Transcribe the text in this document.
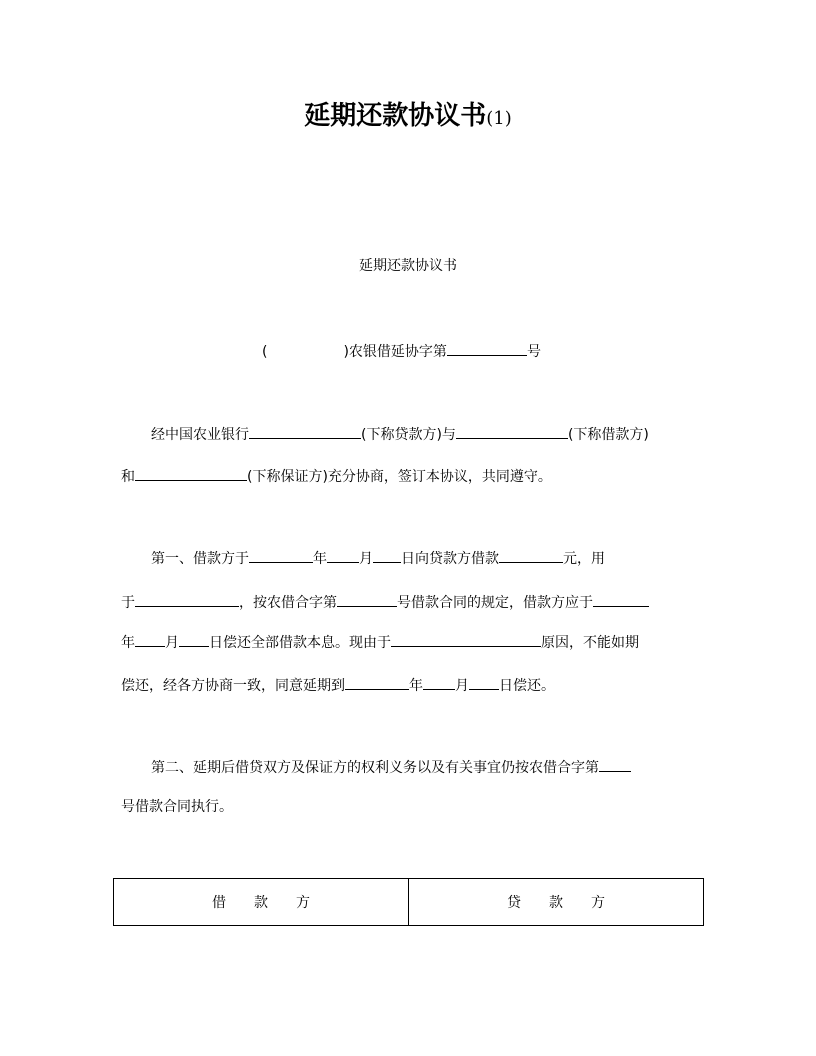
延期还款协议书(1)
延期还款协议书
(	)农银借延协字第	号
经中国农业银行	(下称贷款方)与	(下称借款方)
和	(下称保证方)充分协商，签订本协议，共同遵守。
第一、借款方于	年 月 日向贷款方借款	元，用
于	，按农借合字第	号借款合同的规定，借款方应于
年 月 日偿还全部借款本息。现由于	原因，不能如期
偿还，经各方协商一致，同意延期到	年 月 日偿还。
第二、延期后借贷双方及保证方的权利义务以及有关事宜仍按农借合字第
号借款合同执行。
借款方	贷款方
